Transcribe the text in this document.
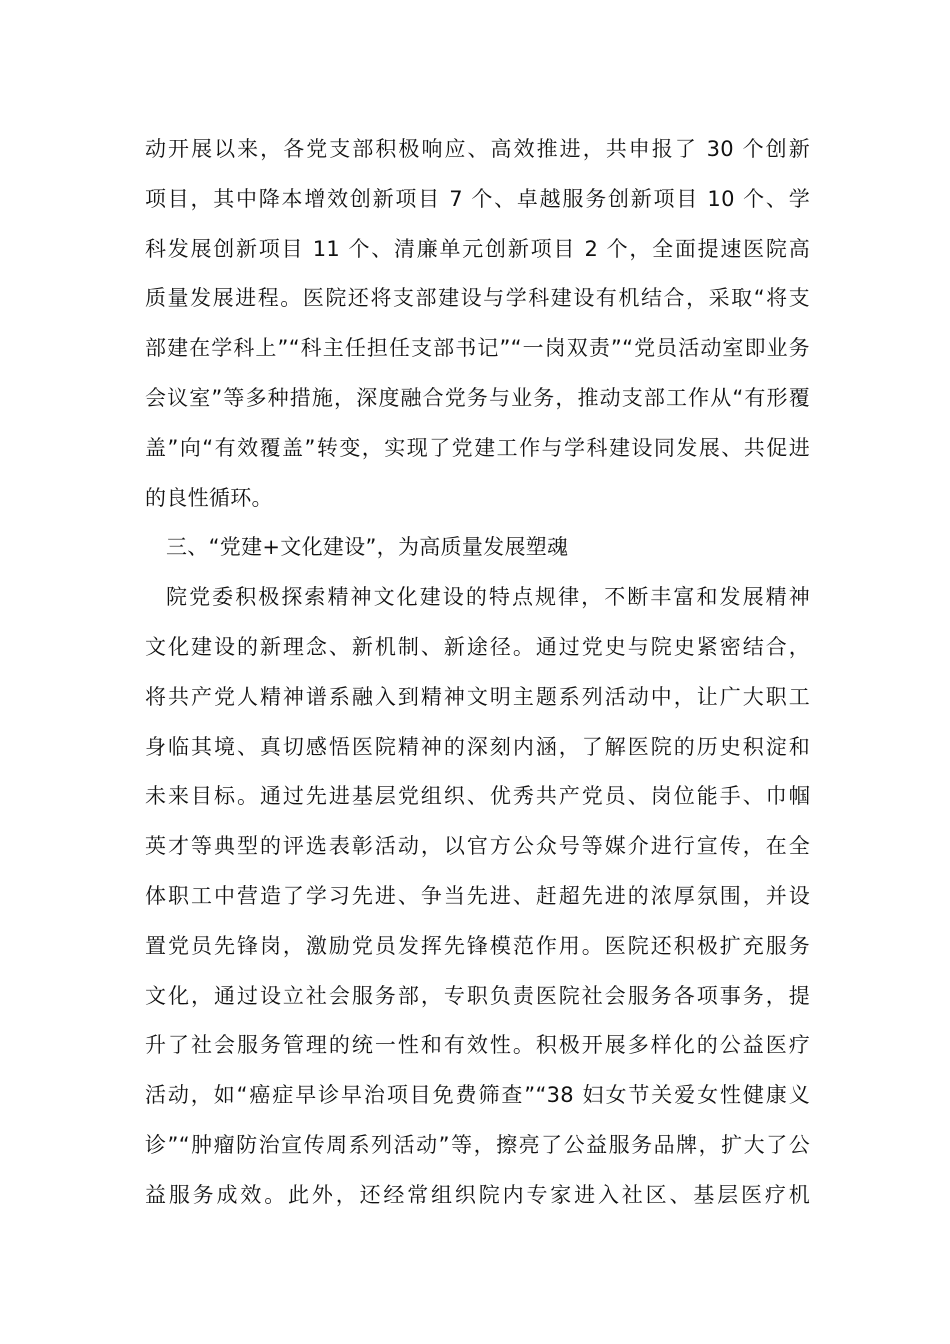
动开展以来，各党支部积极响应、高效推进，共申报了 30 个创新
项目，其中降本增效创新项目 7 个、卓越服务创新项目 10 个、学
科发展创新项目 11 个、清廉单元创新项目 2 个，全面提速医院高
质量发展进程。医院还将支部建设与学科建设有机结合，采取“将支
部建在学科上”“科主任担任支部书记”“一岗双责”“党员活动室即业务
会议室”等多种措施，深度融合党务与业务，推动支部工作从“有形覆
盖”向“有效覆盖”转变，实现了党建工作与学科建设同发展、共促进
的良性循环。
三、“党建+文化建设”，为高质量发展塑魂
院党委积极探索精神文化建设的特点规律，不断丰富和发展精神
文化建设的新理念、新机制、新途径。通过党史与院史紧密结合，
将共产党人精神谱系融入到精神文明主题系列活动中，让广大职工
身临其境、真切感悟医院精神的深刻内涵，了解医院的历史积淀和
未来目标。通过先进基层党组织、优秀共产党员、岗位能手、巾帼
英才等典型的评选表彰活动，以官方公众号等媒介进行宣传，在全
体职工中营造了学习先进、争当先进、赶超先进的浓厚氛围，并设
置党员先锋岗，激励党员发挥先锋模范作用。医院还积极扩充服务
文化，通过设立社会服务部，专职负责医院社会服务各项事务，提
升了社会服务管理的统一性和有效性。积极开展多样化的公益医疗
活动，如“癌症早诊早治项目免费筛查”“38 妇女节关爱女性健康义
诊”“肿瘤防治宣传周系列活动”等，擦亮了公益服务品牌，扩大了公
益服务成效。此外，还经常组织院内专家进入社区、基层医疗机
